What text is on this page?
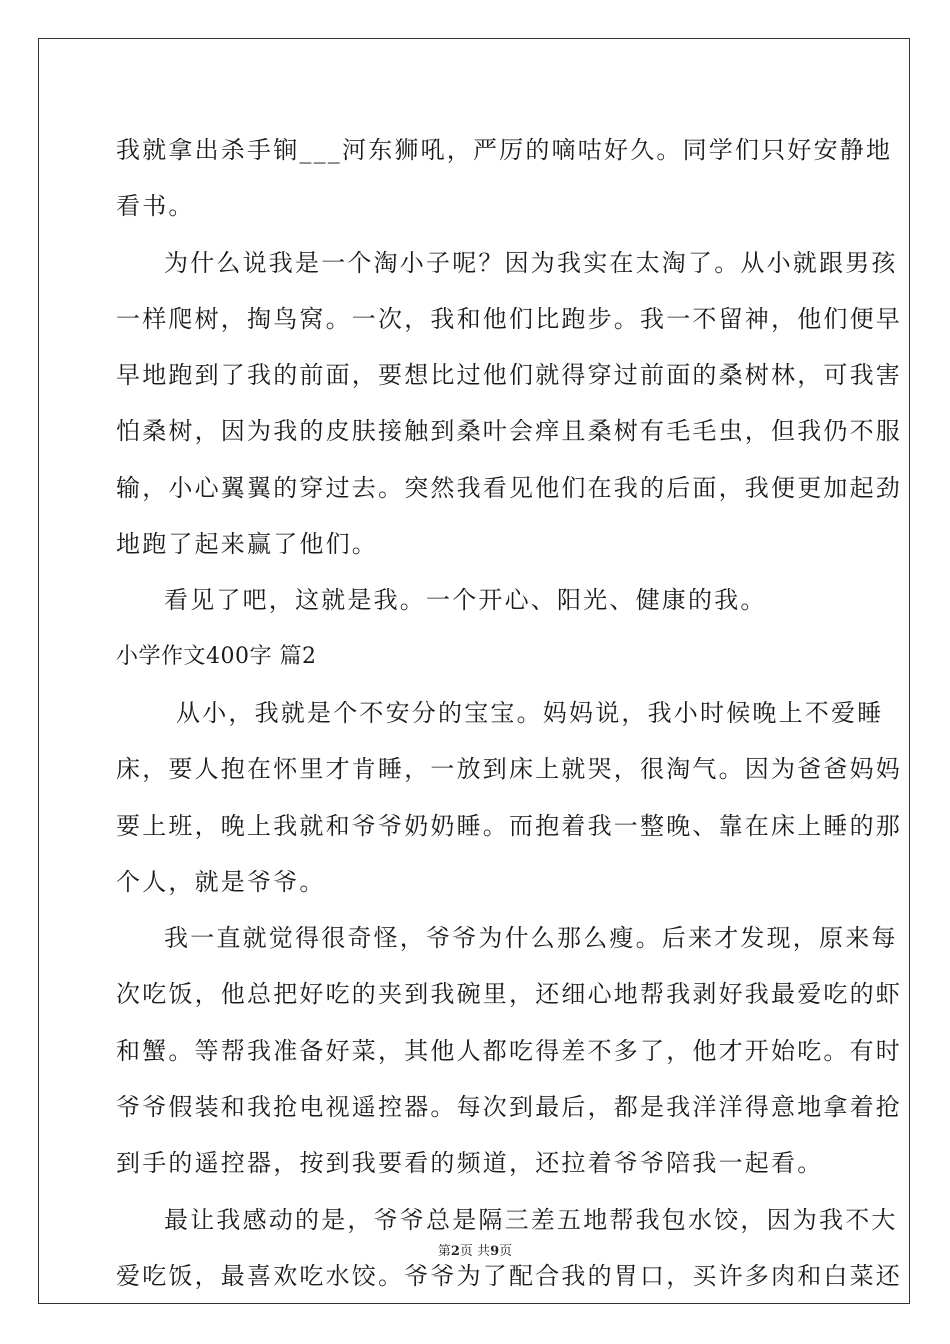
我就拿出杀手锏___河东狮吼，严厉的嘀咕好久。同学们只好安静地
看书。
为什么说我是一个淘小子呢？因为我实在太淘了。从小就跟男孩
一样爬树，掏鸟窝。一次，我和他们比跑步。我一不留神，他们便早
早地跑到了我的前面，要想比过他们就得穿过前面的桑树林，可我害
怕桑树，因为我的皮肤接触到桑叶会痒且桑树有毛毛虫，但我仍不服
输，小心翼翼的穿过去。突然我看见他们在我的后面，我便更加起劲
地跑了起来赢了他们。
看见了吧，这就是我。一个开心、阳光、健康的我。
小学作文400字 篇2
从小，我就是个不安分的宝宝。妈妈说，我小时候晚上不爱睡
床，要人抱在怀里才肯睡，一放到床上就哭，很淘气。因为爸爸妈妈
要上班，晚上我就和爷爷奶奶睡。而抱着我一整晚、靠在床上睡的那
个人，就是爷爷。
我一直就觉得很奇怪，爷爷为什么那么瘦。后来才发现，原来每
次吃饭，他总把好吃的夹到我碗里，还细心地帮我剥好我最爱吃的虾
和蟹。等帮我准备好菜，其他人都吃得差不多了，他才开始吃。有时
爷爷假装和我抢电视遥控器。每次到最后，都是我洋洋得意地拿着抢
到手的遥控器，按到我要看的频道，还拉着爷爷陪我一起看。
最让我感动的是，爷爷总是隔三差五地帮我包水饺，因为我不大
爱吃饭，最喜欢吃水饺。爷爷为了配合我的胃口，买许多肉和白菜还
第2页 共9页
